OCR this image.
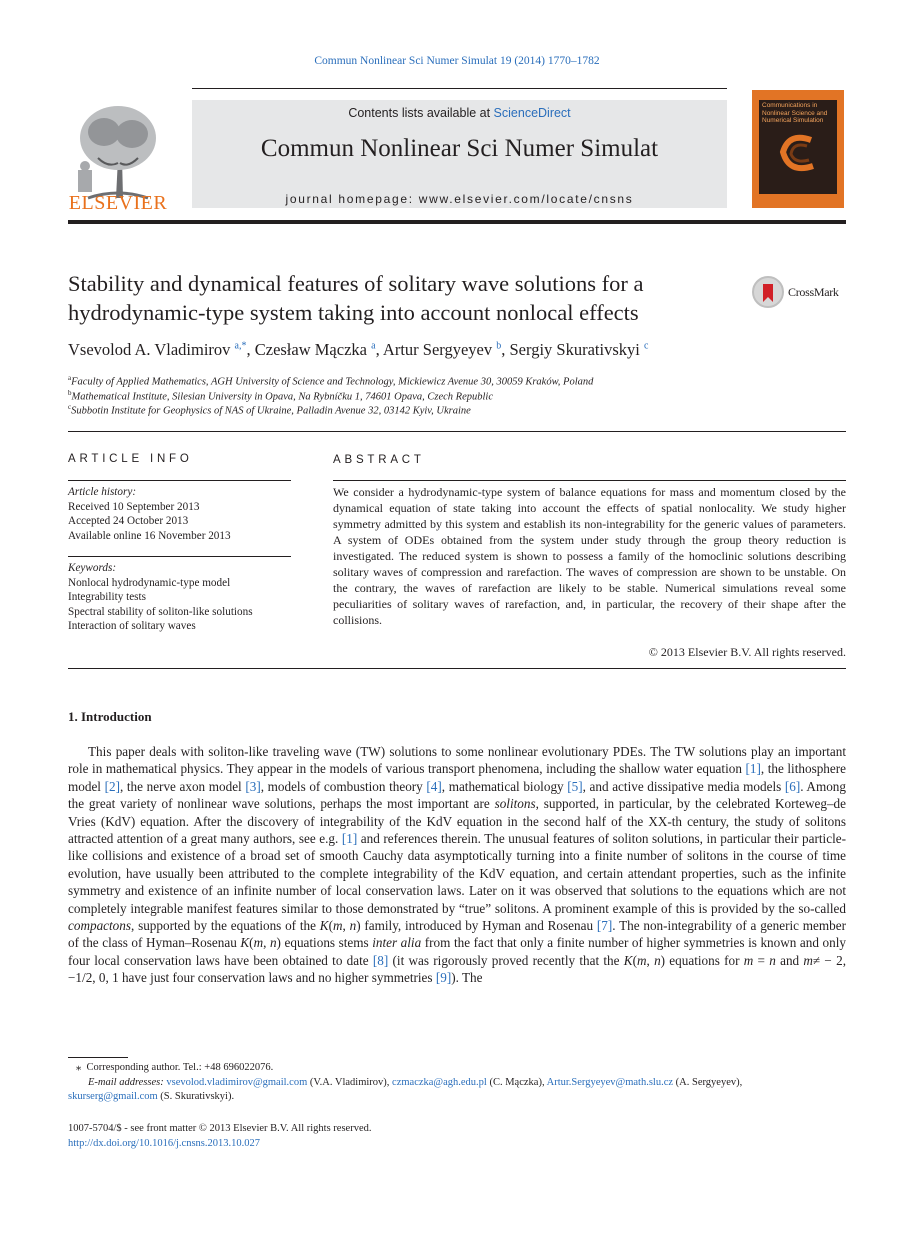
Commun Nonlinear Sci Numer Simulat 19 (2014) 1770–1782
Contents lists available at ScienceDirect
Commun Nonlinear Sci Numer Simulat
journal homepage: www.elsevier.com/locate/cnsns
Communications in Nonlinear Science and Numerical Simulation
ELSEVIER
Stability and dynamical features of solitary wave solutions for a hydrodynamic-type system taking into account nonlocal effects
CrossMark
Vsevolod A. Vladimirov $^{a,*}$, Czesław Mączka $^a$, Artur Sergyeyev $^b$, Sergiy Skurativskyi $^c$
$^a$Faculty of Applied Mathematics, AGH University of Science and Technology, Mickiewicz Avenue 30, 30059 Kraków, Poland
$^b$Mathematical Institute, Silesian University in Opava, Na Rybníčku 1, 74601 Opava, Czech Republic
$^c$Subbotin Institute for Geophysics of NAS of Ukraine, Palladin Avenue 32, 03142 Kyiv, Ukraine
ARTICLE INFO
Article history:
Received 10 September 2013
Accepted 24 October 2013
Available online 16 November 2013
Keywords:
Nonlocal hydrodynamic-type model
Integrability tests
Spectral stability of soliton-like solutions
Interaction of solitary waves
ABSTRACT
We consider a hydrodynamic-type system of balance equations for mass and momentum closed by the dynamical equation of state taking into account the effects of spatial nonlocality. We study higher symmetry admitted by this system and establish its non-integrability for the generic values of parameters. A system of ODEs obtained from the system under study through the group theory reduction is investigated. The reduced system is shown to possess a family of the homoclinic solutions describing solitary waves of compression and rarefaction. The waves of compression are shown to be unstable. On the contrary, the waves of rarefaction are likely to be stable. Numerical simulations reveal some peculiarities of solitary waves of rarefaction, and, in particular, the recovery of their shape after the collisions.
© 2013 Elsevier B.V. All rights reserved.
1. Introduction
This paper deals with soliton-like traveling wave (TW) solutions to some nonlinear evolutionary PDEs. The TW solutions play an important role in mathematical physics. They appear in the models of various transport phenomena, including the shallow water equation [1], the lithosphere model [2], the nerve axon model [3], models of combustion theory [4], mathematical biology [5], and active dissipative media models [6]. Among the great variety of nonlinear wave solutions, perhaps the most important are solitons, supported, in particular, by the celebrated Korteweg–de Vries (KdV) equation. After the discovery of integrability of the KdV equation in the second half of the XX-th century, the study of solitons attracted attention of a great many authors, see e.g. [1] and references therein. The unusual features of soliton solutions, in particular their particle-like collisions and existence of a broad set of smooth Cauchy data asymptotically turning into a finite number of solitons in the course of time evolution, have usually been attributed to the complete integrability of the KdV equation, and certain attendant properties, such as the infinite symmetry and existence of an infinite number of local conservation laws. Later on it was observed that solutions to the equations which are not completely integrable manifest features similar to those demonstrated by “true” solitons. A prominent example of this is provided by the so-called compactons, supported by the equations of the K(m, n) family, introduced by Hyman and Rosenau [7]. The non-integrability of a generic member of the class of Hyman–Rosenau K(m, n) equations stems inter alia from the fact that only a finite number of higher symmetries is known and only four local conservation laws have been obtained to date [8] (it was rigorously proved recently that the K(m, n) equations for m = n and m≠ − 2, −1/2, 0, 1 have just four conservation laws and no higher symmetries [9]). The
⁎  Corresponding author. Tel.: +48 696022076.
E-mail addresses: vsevolod.vladimirov@gmail.com (V.A. Vladimirov), czmaczka@agh.edu.pl (C. Mączka), Artur.Sergyeyev@math.slu.cz (A. Sergyeyev),
skurserg@gmail.com (S. Skurativskyi).
1007-5704/$ - see front matter © 2013 Elsevier B.V. All rights reserved.
http://dx.doi.org/10.1016/j.cnsns.2013.10.027
